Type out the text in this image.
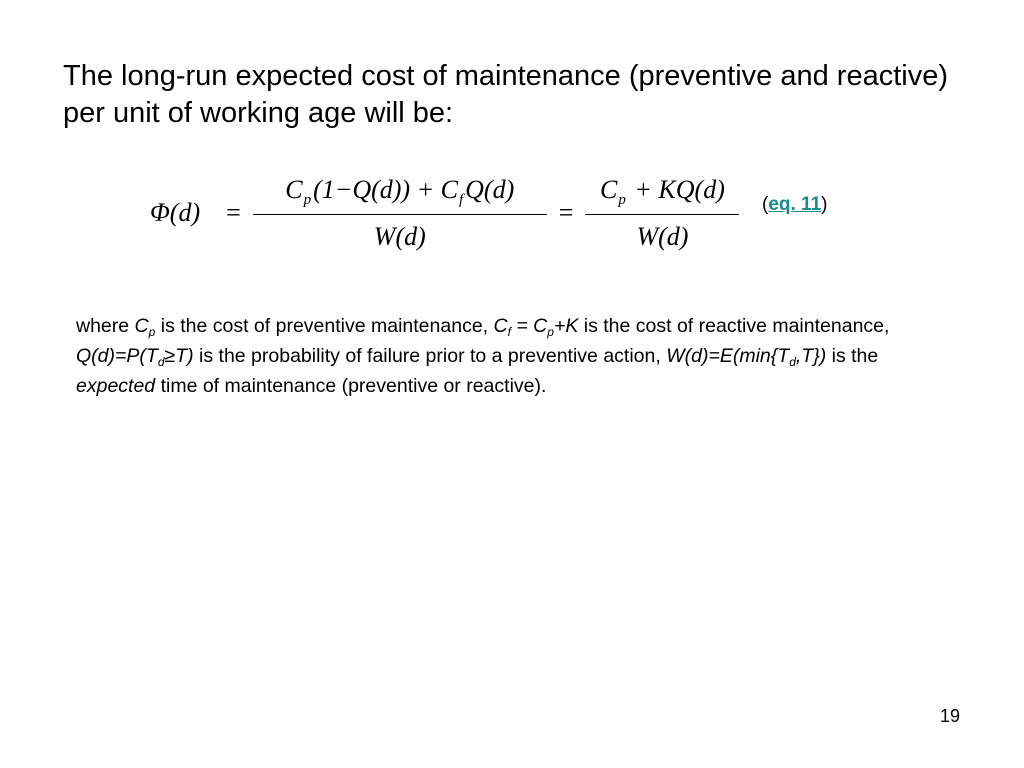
The long-run expected cost of maintenance (preventive and reactive) per unit of working age will be:
$\Phi(d) = \frac{C_p(1-Q(d)) + C_fQ(d)}{W(d)} = \frac{C_p + KQ(d)}{W(d)} (eq$. 11)
where $C_p$ is the cost of preventive maintenance, $C_f = C_p+K$ is the cost of reactive maintenance, $Q(d)=P(T_d\ge T)$ is the probability of failure prior to a preventive action, $W(d)=E(\min\{T_d,T\})$ is the expected time of maintenance (preventive or reactive).
19
